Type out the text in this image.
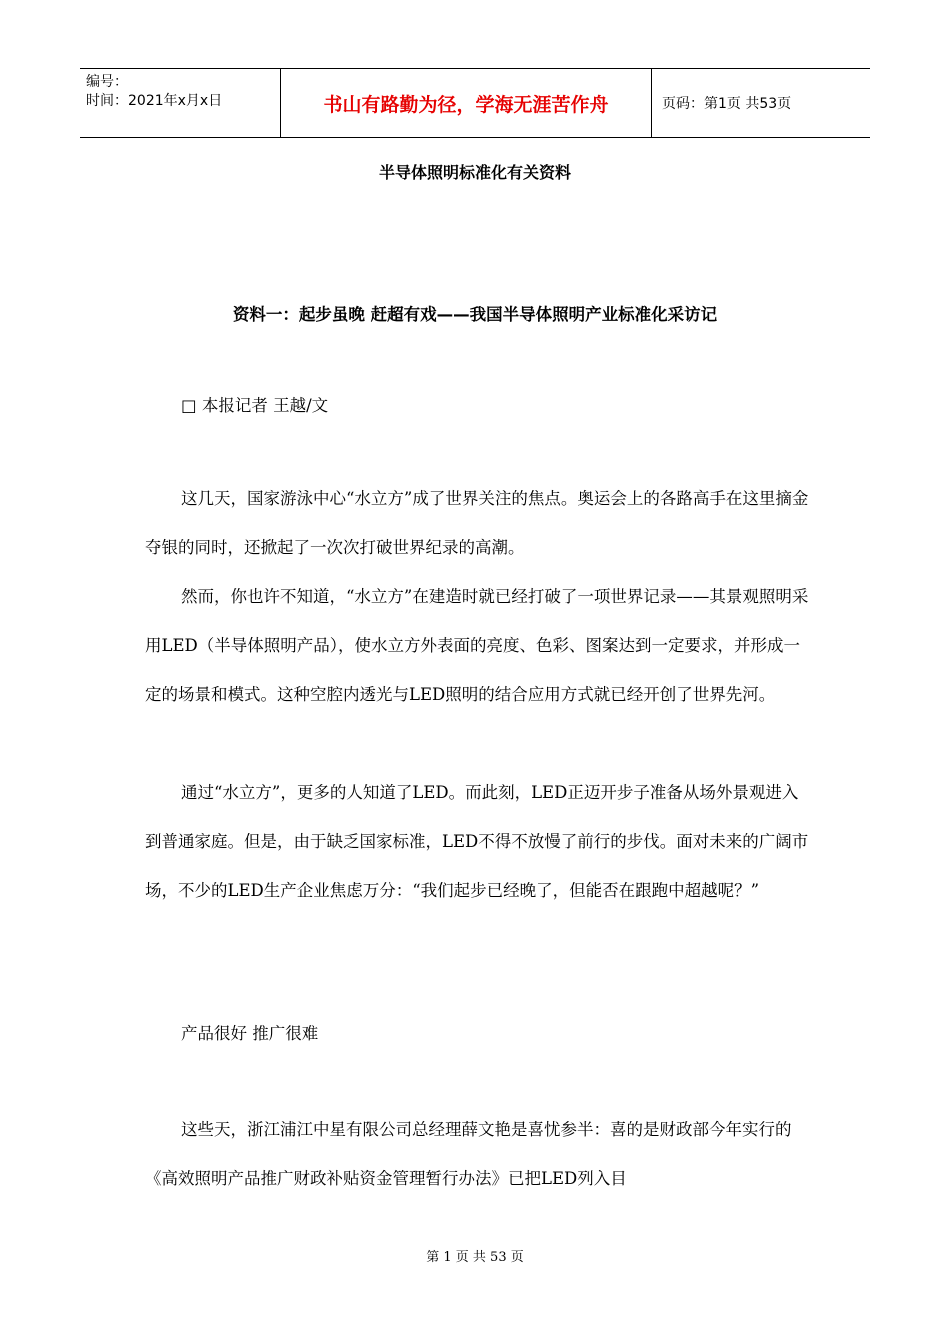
编号：
时间：2021年x月x日	书山有路勤为径，学海无涯苦作舟	页码：第1页 共53页
半导体照明标准化有关资料
资料一：起步虽晚 赶超有戏——我国半导体照明产业标准化采访记
□ 本报记者 王越/文
这几天，国家游泳中心“水立方”成了世界关注的焦点。奥运会上的各路高手在这里摘金夺银的同时，还掀起了一次次打破世界纪录的高潮。
然而，你也许不知道，“水立方”在建造时就已经打破了一项世界记录——其景观照明采用LED（半导体照明产品），使水立方外表面的亮度、色彩、图案达到一定要求，并形成一定的场景和模式。这种空腔内透光与LED照明的结合应用方式就已经开创了世界先河。
通过“水立方”，更多的人知道了LED。而此刻，LED正迈开步子准备从场外景观进入到普通家庭。但是，由于缺乏国家标准，LED不得不放慢了前行的步伐。面对未来的广阔市场，不少的LED生产企业焦虑万分：“我们起步已经晚了，但能否在跟跑中超越呢？”
产品很好 推广很难
这些天，浙江浦江中星有限公司总经理薛文艳是喜忧参半：喜的是财政部今年实行的 《高效照明产品推广财政补贴资金管理暂行办法》已把LED列入目
第 1 页 共 53 页
